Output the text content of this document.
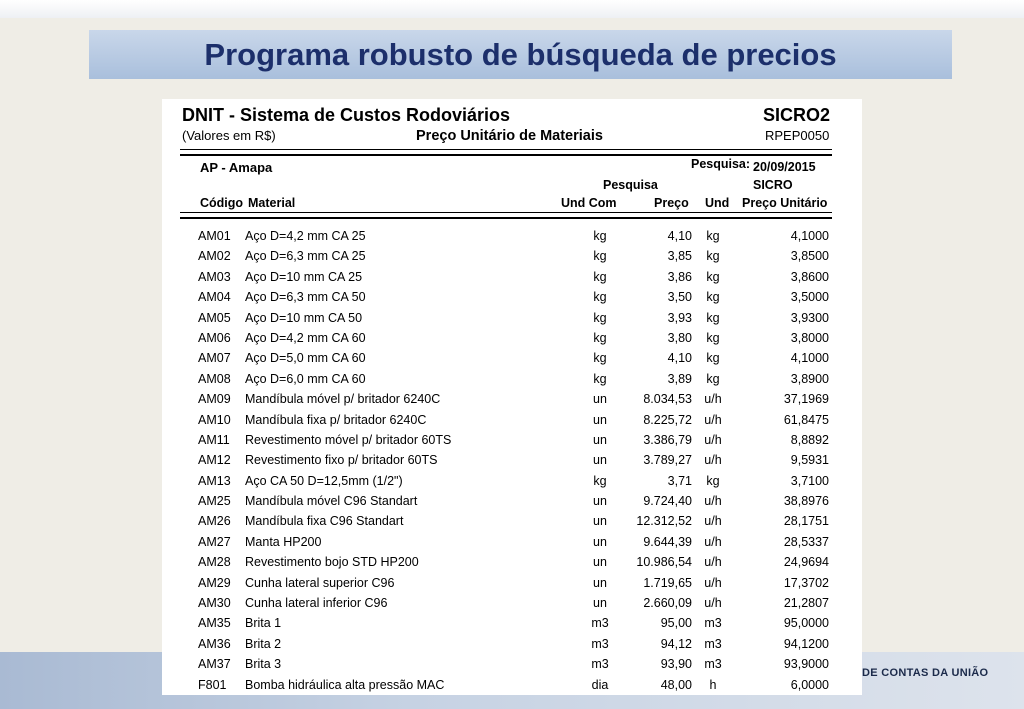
DE CONTAS DA UNIÃO
Programa robusto de búsqueda de precios
DNIT - Sistema de Custos Rodoviários	SICRO2
(Valores em R$)	Preço Unitário de Materiais	RPEP0050
AP - Amapa	Pesquisa: 20/09/2015
Pesquisa	SICRO
Código Material	Und Com	Preço Und Preço Unitário
AM01 Aço D=4,2 mm CA 25	kg	4,10	kg	4,1000
AM02 Aço D=6,3 mm CA 25	kg	3,85	kg	3,8500
AM03 Aço D=10 mm CA 25	kg	3,86	kg	3,8600
AM04 Aço D=6,3 mm CA 50	kg	3,50	kg	3,5000
AM05 Aço D=10 mm CA 50	kg	3,93	kg	3,9300
AM06 Aço D=4,2 mm CA 60	kg	3,80	kg	3,8000
AM07 Aço D=5,0 mm CA 60	kg	4,10	kg	4,1000
AM08 Aço D=6,0 mm CA 60	kg	3,89	kg	3,8900
AM09 Mandíbula móvel p/ britador 6240C	un	8.034,53 u/h	37,1969
AM10 Mandíbula fixa p/ britador 6240C	un	8.225,72 u/h	61,8475
AM11 Revestimento móvel p/ britador 60TS	un	3.386,79 u/h	8,8892
AM12 Revestimento fixo p/ britador 60TS	un	3.789,27 u/h	9,5931
AM13 Aço CA 50 D=12,5mm (1/2")	kg	3,71	kg	3,7100
AM25 Mandíbula móvel C96 Standart	un	9.724,40 u/h	38,8976
AM26 Mandíbula fixa C96 Standart	un	12.312,52 u/h	28,1751
AM27 Manta HP200	un	9.644,39 u/h	28,5337
AM28 Revestimento bojo STD HP200	un	10.986,54 u/h	24,9694
AM29 Cunha lateral superior C96	un	1.719,65 u/h	17,3702
AM30 Cunha lateral inferior C96	un	2.660,09 u/h	21,2807
AM35 Brita 1	m3	95,00 m3	95,0000
AM36 Brita 2	m3	94,12 m3	94,1200
AM37 Brita 3	m3	93,90 m3	93,9000
F801 Bomba hidráulica alta pressão MAC	dia	48,00	h	6,0000
